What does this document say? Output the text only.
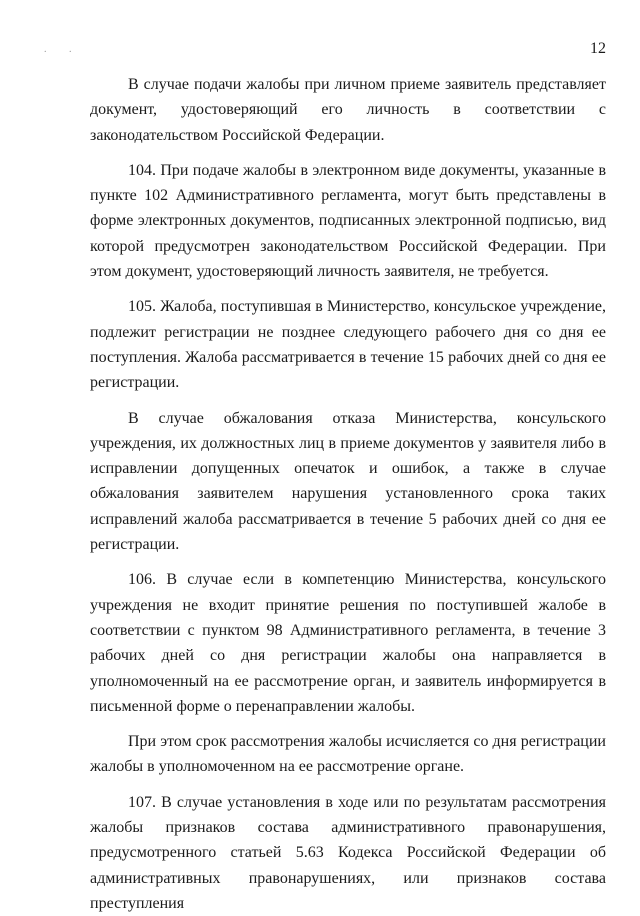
. .	12

В случае подачи жалобы при личном приеме заявитель представляет документ, удостоверяющий его личность в соответствии с законодательством Российской Федерации.

104. При подаче жалобы в электронном виде документы, указанные в пункте 102 Административного регламента, могут быть представлены в форме электронных документов, подписанных электронной подписью, вид которой предусмотрен законодательством Российской Федерации. При этом документ, удостоверяющий личность заявителя, не требуется.

105. Жалоба, поступившая в Министерство, консульское учреждение, подлежит регистрации не позднее следующего рабочего дня со дня ее поступления. Жалоба рассматривается в течение 15 рабочих дней со дня ее регистрации.

В случае обжалования отказа Министерства, консульского учреждения, их должностных лиц в приеме документов у заявителя либо в исправлении допущенных опечаток и ошибок, а также в случае обжалования заявителем нарушения установленного срока таких исправлений жалоба рассматривается в течение 5 рабочих дней со дня ее регистрации.

106. В случае если в компетенцию Министерства, консульского учреждения не входит принятие решения по поступившей жалобе в соответствии с пунктом 98 Административного регламента, в течение 3 рабочих дней со дня регистрации жалобы она направляется в уполномоченный на ее рассмотрение орган, и заявитель информируется в письменной форме о перенаправлении жалобы.

При этом срок рассмотрения жалобы исчисляется со дня регистрации жалобы в уполномоченном на ее рассмотрение органе.

107. В случае установления в ходе или по результатам рассмотрения жалобы признаков состава административного правонарушения, предусмотренного статьей 5.63 Кодекса Российской Федерации об административных правонарушениях, или признаков состава преступления
